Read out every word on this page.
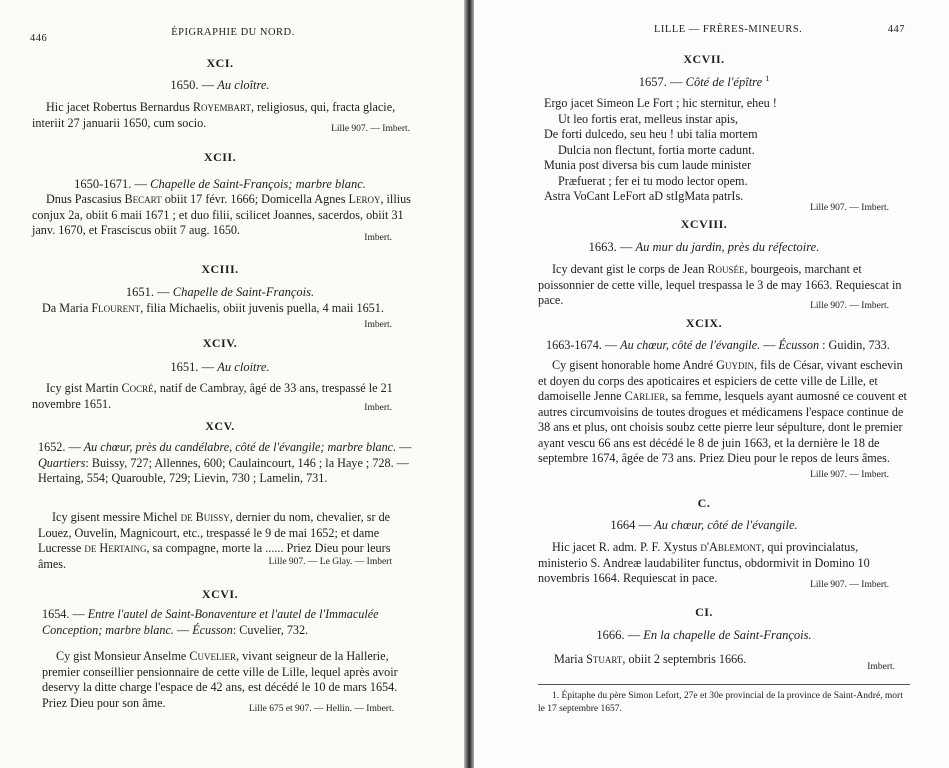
446
ÉPIGRAPHIE DU NORD.
XCI.
1650. — Au cloître.
Hic jacet Robertus Bernardus Royembart, religiosus, qui, fracta glacie, interiit 27 januarii 1650, cum socio.	Lille 907. — Imbert.
XCII.
1650-1671. — Chapelle de Saint-François; marbre blanc.
Dnus Pascasius Becart obiit 17 févr. 1666; Domicella Agnes Leroy, illius conjux 2a, obiit 6 maii 1671 ; et duo filii, scilicet Joannes, sacerdos, obiit 31 janv. 1670, et Frasciscus obiit 7 aug. 1650.
Imbert.
XCIII.
1651. — Chapelle de Saint-François.
Da Maria Flourent, filia Michaelis, obiit juvenis puella, 4 maii 1651.
Imbert.
XCIV.
1651. — Au cloitre.
Icy gist Martin Cocré, natif de Cambray, âgé de 33 ans, trespassé le 21 novembre 1651.	Imbert.
XCV.
1652. — Au chœur, près du candélabre, côté de l'évangile; marbre blanc. — Quartiers: Buissy, 727; Allennes, 600; Caulaincourt, 146 ; la Haye ; 728. — Hertaing, 554; Quarouble, 729; Lievin, 730 ; Lamelin, 731.
Icy gisent messire Michel de Buissy, dernier du nom, chevalier, sr de Louez, Ouvelin, Magnicourt, etc., trespassé le 9 de mai 1652; et dame Lucresse de Hertaing, sa compagne, morte la ...... Priez Dieu pour leurs âmes.	Lille 907. — Le Glay. — Imbert
XCVI.
1654. — Entre l'autel de Saint-Bonaventure et l'autel de l'Immaculée Conception; marbre blanc. — Écusson: Cuvelier, 732.
Cy gist Monsieur Anselme Cuvelier, vivant seigneur de la Hallerie, premier conseillier pensionnaire de cette ville de Lille, lequel après avoir deservy la ditte charge l'espace de 42 ans, est décédé le 10 de mars 1654. Priez Dieu pour son âme.	Lille 675 et 907. — Hellin. — Imbert.
LILLE — FRÈRES-MINEURS.	447
XCVII.
1657. — Côté de l'épître $^1$
Ergo jacet Simeon Le Fort ; hic sternitur, eheu !
Ut leo fortis erat, melleus instar apis,
De forti dulcedo, seu heu ! ubi talia mortem
Dulcia non flectunt, fortia morte cadunt.
Munia post diversa bis cum laude minister
Præfuerat ; fer ei tu modo lector opem.
Astra VoCant LeFort aD stIgMata patrIs.
Lille 907. — Imbert.
XCVIII.
1663. — Au mur du jardin, près du réfectoire.
Icy devant gist le corps de Jean Rousée, bourgeois, marchant et poissonnier de cette ville, lequel trespassa le 3 de may 1663. Requiescat in pace.	Lille 907. — Imbert.
XCIX.
1663-1674. — Au chœur, côté de l'évangile. — Écusson : Guidin, 733.
Cy gisent honorable home André Guydin, fils de César, vivant eschevin et doyen du corps des apoticaires et espiciers de cette ville de Lille, et damoiselle Jenne Carlier, sa femme, lesquels ayant aumosné ce couvent et autres circumvoisins de toutes drogues et médicamens l'espace continue de 38 ans et plus, ont choisis soubz cette pierre leur sépulture, dont le premier ayant vescu 66 ans est décédé le 8 de juin 1663, et la dernière le 18 de septembre 1674, âgée de 73 ans. Priez Dieu pour le repos de leurs âmes.
Lille 907. — Imbert.
C.
1664 — Au chœur, côté de l'évangile.
Hic jacet R. adm. P. F. Xystus d'Ablemont, qui provincialatus, ministerio S. Andreæ laudabiliter functus, obdormivit in Domino 10 novembris 1664. Requiescat in pace.	Lille 907. — Imbert.
CI.
1666. — En la chapelle de Saint-François.
Maria Stuart, obiit 2 septembris 1666.
Imbert.
1. Épitaphe du père Simon Lefort, 27e et 30e provincial de la province de Saint-André, mort le 17 septembre 1657.
